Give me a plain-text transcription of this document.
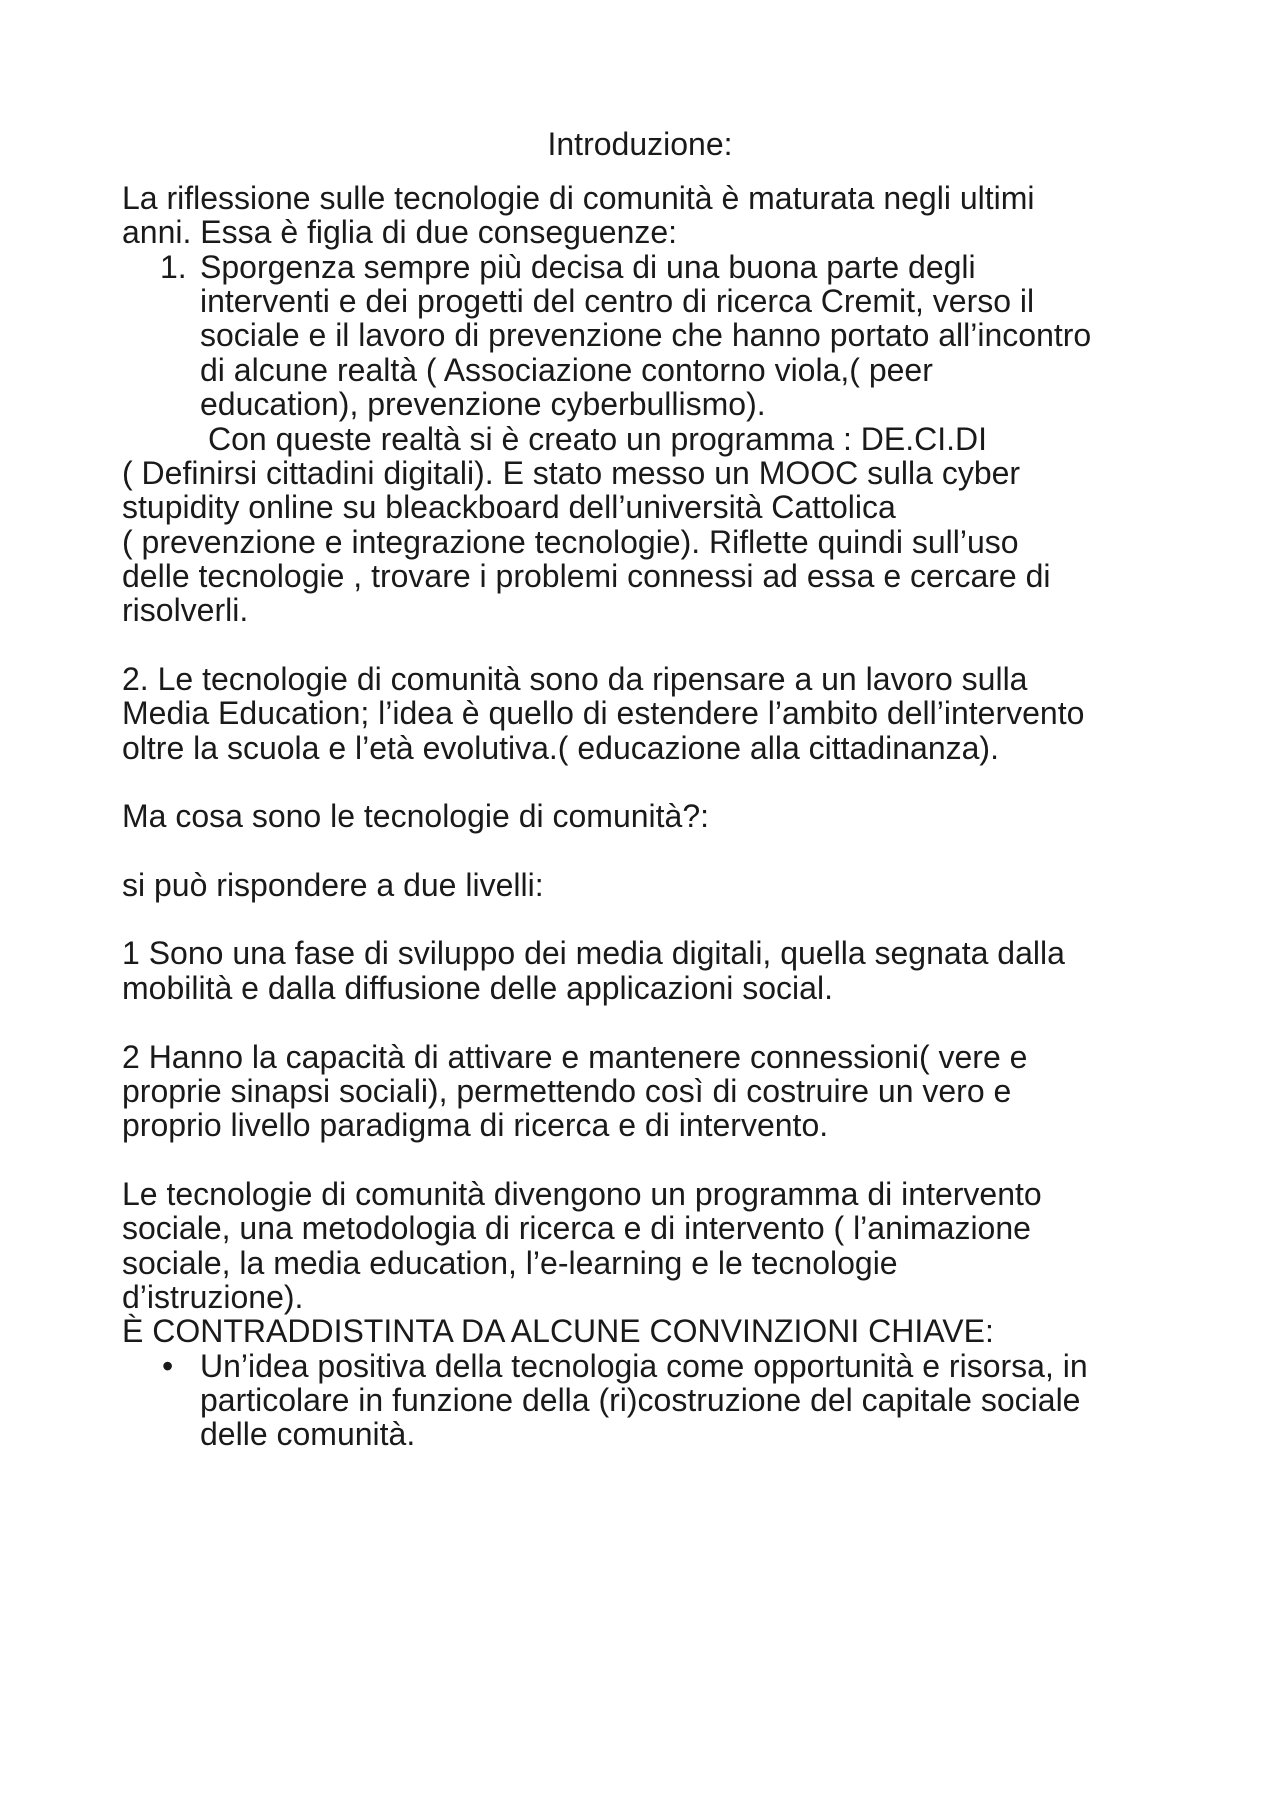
Introduzione:
La riflessione sulle tecnologie di comunità è maturata negli ultimi
anni. Essa è figlia di due conseguenze:
1. Sporgenza sempre più decisa di una buona parte degli
interventi e dei progetti del centro di ricerca Cremit, verso il
sociale e il lavoro di prevenzione che hanno portato all’incontro
di alcune realtà ( Associazione contorno viola,( peer
education), prevenzione cyberbullismo).
Con queste realtà si è creato un programma : DE.CI.DI
( Definirsi cittadini digitali). E stato messo un MOOC sulla cyber
stupidity online su bleackboard dell’università Cattolica
( prevenzione e integrazione tecnologie). Riflette quindi sull’uso
delle tecnologie , trovare i problemi connessi ad essa e cercare di
risolverli.
2. Le tecnologie di comunità sono da ripensare a un lavoro sulla
Media Education; l’idea è quello di estendere l’ambito dell’intervento
oltre la scuola e l’età evolutiva.( educazione alla cittadinanza).
Ma cosa sono le tecnologie di comunità?:
si può rispondere a due livelli:
1 Sono una fase di sviluppo dei media digitali, quella segnata dalla
mobilità e dalla diffusione delle applicazioni social.
2 Hanno la capacità di attivare e mantenere connessioni( vere e
proprie sinapsi sociali), permettendo così di costruire un vero e
proprio livello paradigma di ricerca e di intervento.
Le tecnologie di comunità divengono un programma di intervento
sociale, una metodologia di ricerca e di intervento ( l’animazione
sociale, la media education, l’e-learning e le tecnologie
d’istruzione).
È CONTRADDISTINTA DA ALCUNE CONVINZIONI CHIAVE:
• Un’idea positiva della tecnologia come opportunità e risorsa, in
particolare in funzione della (ri)costruzione del capitale sociale
delle comunità.
